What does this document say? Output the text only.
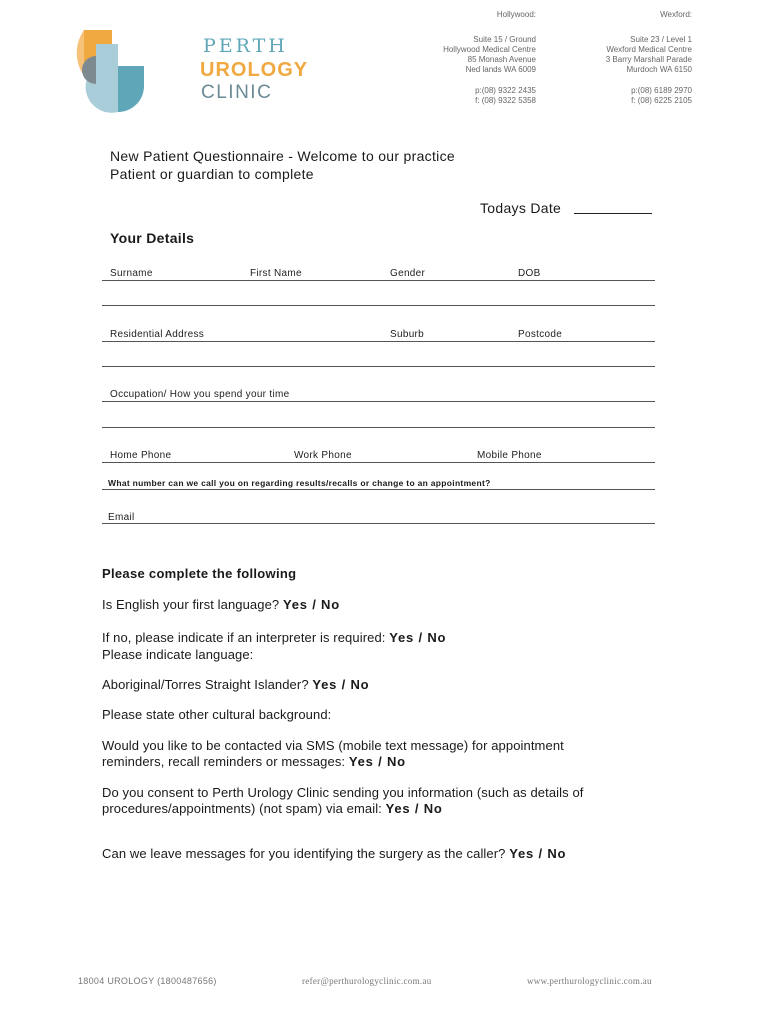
PERTH
UROLOGY
CLINIC
Hollywood:
Suite 15 / Ground
Hollywood Medical Centre
85 Monash Avenue
Ned lands WA 6009
p:(08) 9322 2435
f: (08) 9322 5358
Wexford:
Suite 23 / Level 1
Wexford Medical Centre
3 Barry Marshall Parade
Murdoch WA 6150
p:(08) 6189 2970
f: (08) 6225 2105
New Patient Questionnaire - Welcome to our practice
Patient or guardian to complete
Todays Date
Your Details
Surname	First Name	Gender	DOB
Residential Address	Suburb	Postcode
Occupation/ How you spend your time
Home Phone	Work Phone	Mobile Phone
What number can we call you on regarding results/recalls or change to an appointment?
Email
Please complete the following
Is English your first language? Yes / No
If no, please indicate if an interpreter is required: Yes / No
Please indicate language:
Aboriginal/Torres Straight Islander? Yes / No
Please state other cultural background:
Would you like to be contacted via SMS (mobile text message) for appointment
reminders, recall reminders or messages: Yes / No
Do you consent to Perth Urology Clinic sending you information (such as details of
procedures/appointments) (not spam) via email: Yes / No
Can we leave messages for you identifying the surgery as the caller? Yes / No
18004 UROLOGY (1800487656)	refer@perthurologyclinic.com.au	www.perthurologyclinic.com.au
